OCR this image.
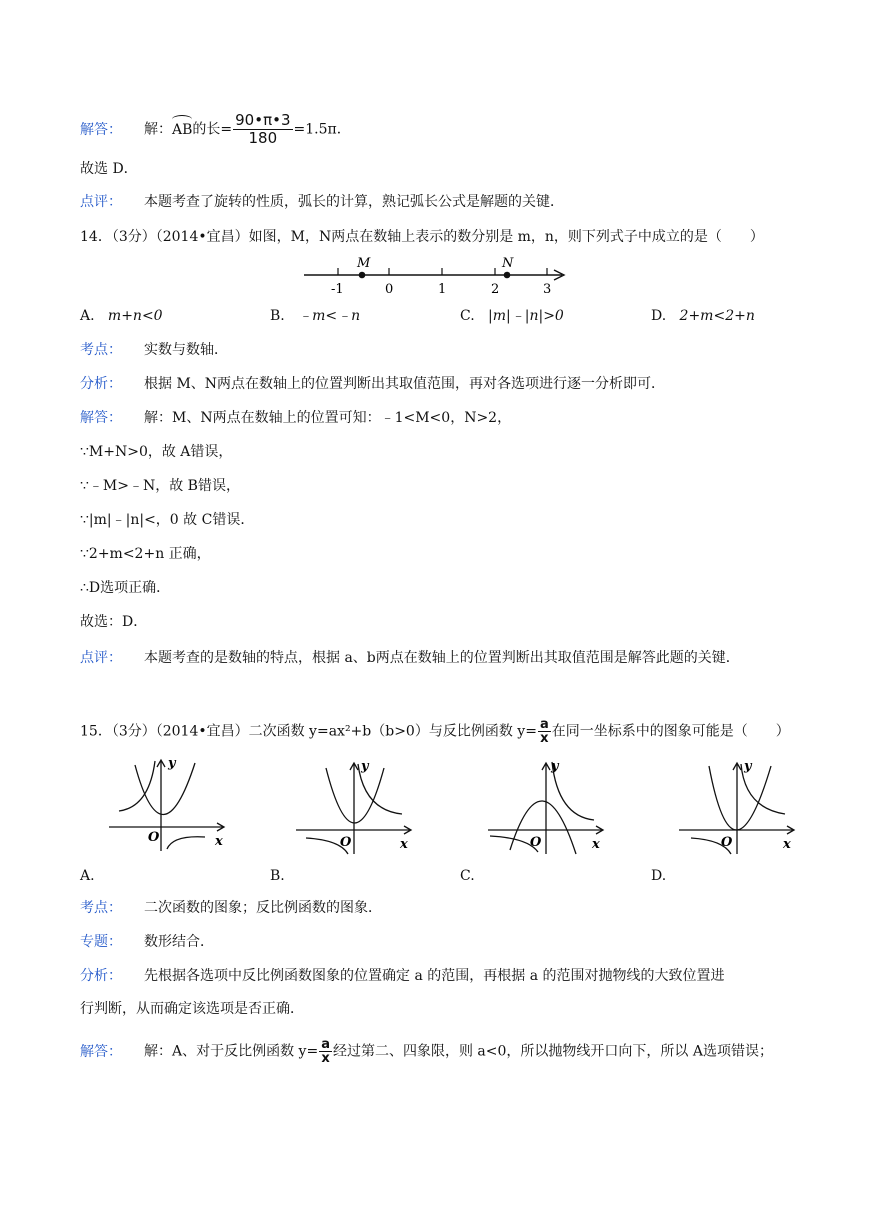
解答： 解：AB的长= $\frac{90•\pi•3}{180} =1.5\pi$．
故选 D．
点评： 本题考查了旋转的性质，弧长的计算，熟记弧长公式是解题的关键．
14．（3分）（2014•宜昌）如图，M，N两点在数轴上表示的数分别是 m，n，则下列式子中成立的是（　　）
M	N
-1	0	1	2	3
A. m+n<0	B. ﹣m<﹣n	C. |m|﹣|n|>0	D. 2+m<2+n
考点： 实数与数轴．
分析： 根据 M、N两点在数轴上的位置判断出其取值范围，再对各选项进行逐一分析即可．
解答： 解：M、N两点在数轴上的位置可知：﹣1<M<0，N>2，
∵M+N>0，故 A错误，
∵﹣M>﹣N，故 B错误，
∵|m|﹣|n|<，0 故 C错误．
∵2+m<2+n 正确，
∴D选项正确．
故选：D．
点评： 本题考查的是数轴的特点，根据 a、b两点在数轴上的位置判断出其取值范围是解答此题的关键．
15．（3分）（2014•宜昌）二次函数 y=ax²+b（b>0）与反比例函数 $y= \frac{a}{x}$ 在同一坐标系中的图象可能是（　　）
y
x
O
y
x
O
y
x
O
y
x
O
A.	B.	C.	D.
考点： 二次函数的图象；反比例函数的图象．
专题： 数形结合．
分析： 先根据各选项中反比例函数图象的位置确定 a 的范围，再根据 a 的范围对抛物线的大致位置进
行判断，从而确定该选项是否正确．
解答： 解：A、对于反比例函数 $y= \frac{a}{x}$ 经过第二、四象限，则 a<0，所以抛物线开口向下，所以 A选项错误；
